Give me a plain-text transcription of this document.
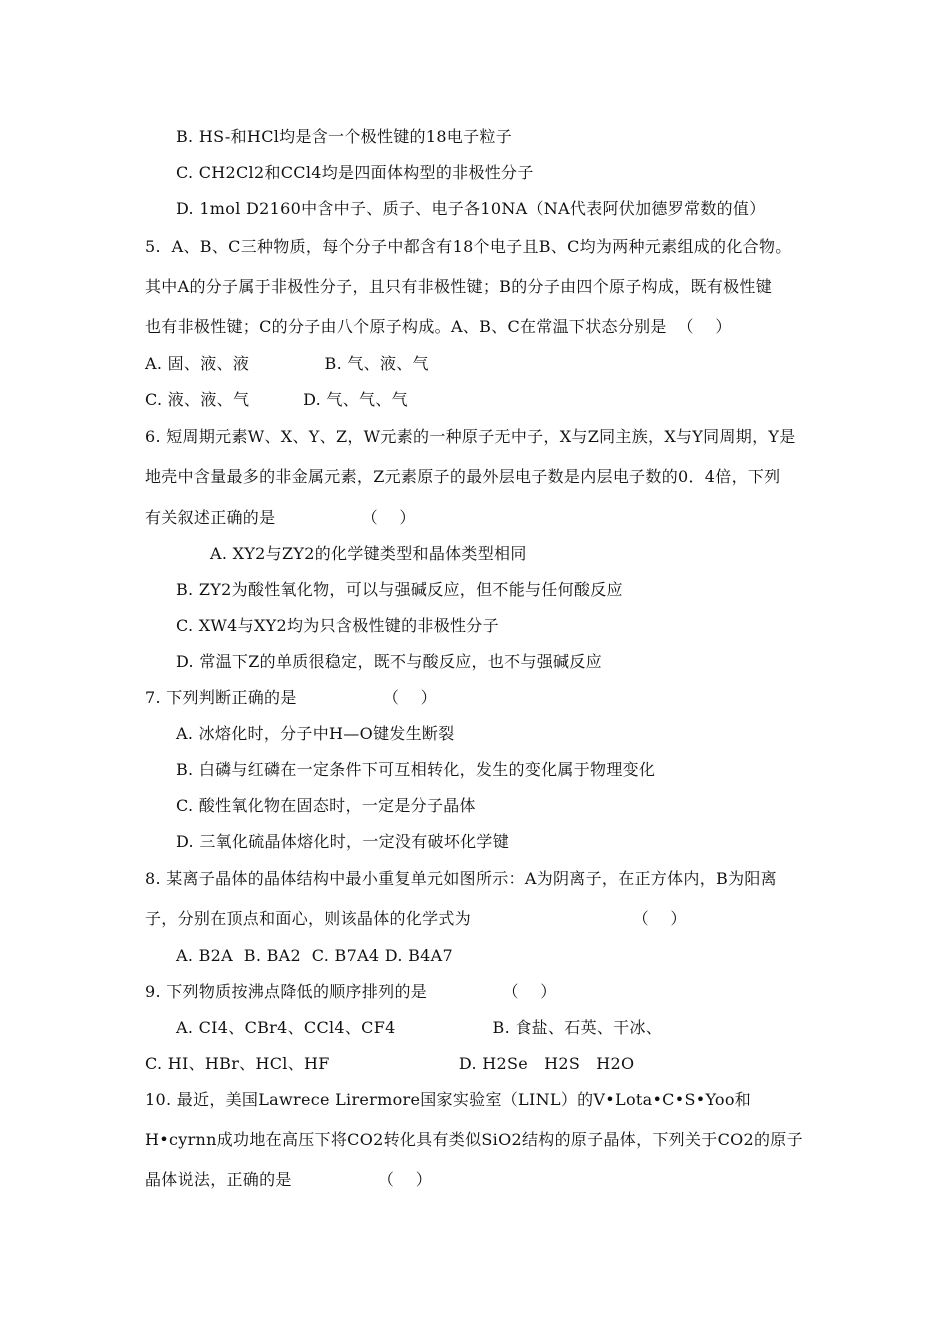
B. HS-和HCl均是含一个极性键的18电子粒子
C. CH2Cl2和CCl4均是四面体构型的非极性分子
D. 1mol D2160中含中子、质子、电子各10NA（NA代表阿伏加德罗常数的值）
5.  A、B、C三种物质，每个分子中都含有18个电子且B、C均为两种元素组成的化合物。
其中A的分子属于非极性分子，且只有非极性键；B的分子由四个原子构成，既有极性键
也有非极性键；C的分子由八个原子构成。A、B、C在常温下状态分别是  （    ）
A. 固、液、液              B. 气、液、气
C. 液、液、气          D. 气、气、气
6. 短周期元素W、X、Y、Z，W元素的一种原子无中子，X与Z同主族，X与Y同周期，Y是
地壳中含量最多的非金属元素，Z元素原子的最外层电子数是内层电子数的0．4倍，下列
有关叙述正确的是                （    ）
A. XY2与ZY2的化学键类型和晶体类型相同
B. ZY2为酸性氧化物，可以与强碱反应，但不能与任何酸反应
C. XW4与XY2均为只含极性键的非极性分子
D. 常温下Z的单质很稳定，既不与酸反应，也不与强碱反应
7. 下列判断正确的是                （    ）
A. 冰熔化时，分子中H—O键发生断裂
B. 白磷与红磷在一定条件下可互相转化，发生的变化属于物理变化
C. 酸性氧化物在固态时，一定是分子晶体
D. 三氧化硫晶体熔化时，一定没有破坏化学键
8. 某离子晶体的晶体结构中最小重复单元如图所示：A为阴离子，在正方体内，B为阳离
子，分别在顶点和面心，则该晶体的化学式为                              （    ）
A. B2A  B. BA2  C. B7A4 D. B4A7
9. 下列物质按沸点降低的顺序排列的是              （    ）
A. CI4、CBr4、CCl4、CF4                  B. 食盐、石英、干冰、
C. HI、HBr、HCl、HF                        D. H2Se   H2S   H2O
10. 最近，美国Lawrece Lirermore国家实验室（LINL）的V•Lota•C•S•Yoo和
H•cyrnn成功地在高压下将CO2转化具有类似SiO2结构的原子晶体，下列关于CO2的原子
晶体说法，正确的是                （    ）
